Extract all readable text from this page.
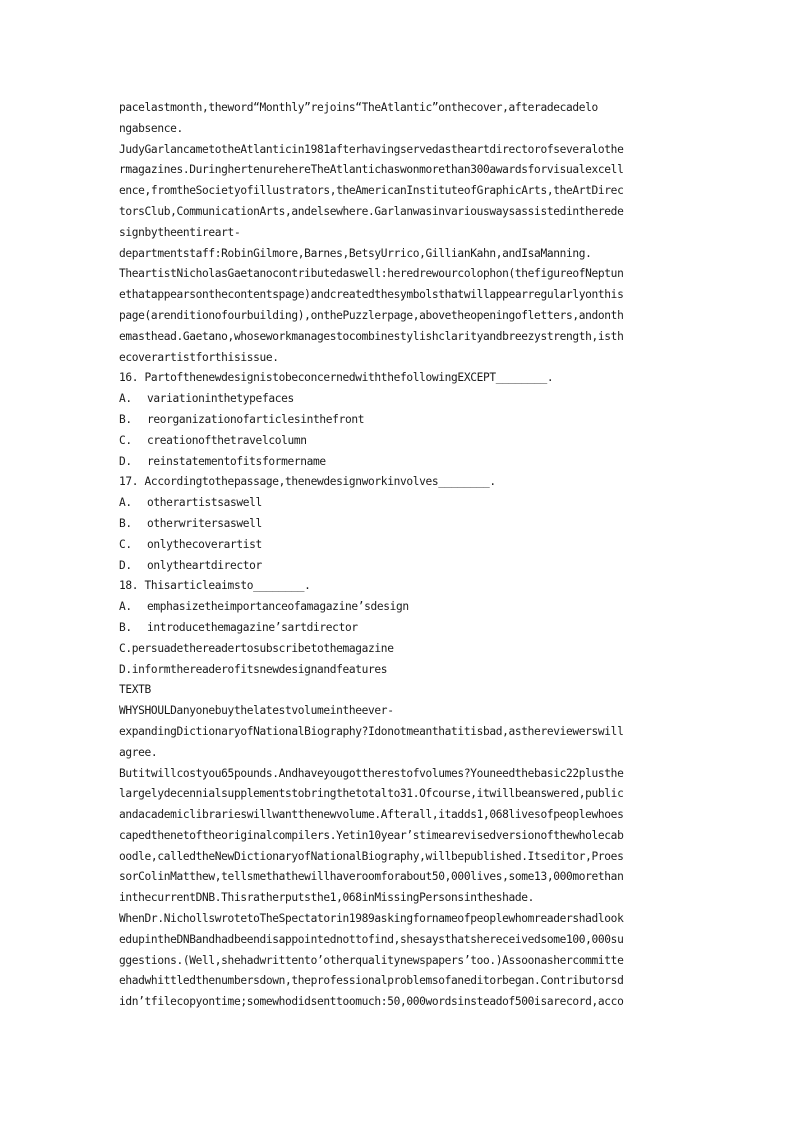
pacelastmonth,theword“Monthly”rejoins“TheAtlantic”onthecover,afteradecadelo
ngabsence.
JudyGarlancametotheAtlanticin1981afterhavingservedastheartdirectorofseveralothe
rmagazines.DuringhertenurehereTheAtlantichaswonmorethan300awardsforvisualexcell
ence,fromtheSocietyofillustrators,theAmericanInstituteofGraphicArts,theArtDirec
torsClub,CommunicationArts,andelsewhere.Garlanwasinvariouswaysassistedintherede
signbytheentireart-
departmentstaff:RobinGilmore,Barnes,BetsyUrrico,GillianKahn,andIsaManning.
TheartistNicholasGaetanocontributedaswell:heredrewourcolophon(thefigureofNeptun
ethatappearsonthecontentspage)andcreatedthesymbolsthatwillappearregularlyonthis
page(arenditionofourbuilding),onthePuzzlerpage,abovetheopeningofletters,andonth
emasthead.Gaetano,whoseworkmanagestocombinestylishclarityandbreezystrength,isth
ecoverartistforthisissue.
16. PartofthenewdesignistobeconcernedwiththefollowingEXCEPT________.
A. variationinthetypefaces
B. reorganizationofarticlesinthefront
C. creationofthetravelcolumn
D. reinstatementofitsformername
17. Accordingtothepassage,thenewdesignworkinvolves________.
A. otherartistsaswell
B. otherwritersaswell
C. onlythecoverartist
D. onlytheartdirector
18. Thisarticleaimsto________.
A. emphasizetheimportanceofamagazine’sdesign
B. introducethemagazine’sartdirector
C.persuadethereadertosubscribetothemagazine
D.informthereaderofitsnewdesignandfeatures
TEXTB
WHYSHOULDanyonebuythelatestvolumeintheever-
expandingDictionaryofNationalBiography?Idonotmeanthatitisbad,asthereviewerswill
agree.
Butitwillcostyou65pounds.Andhaveyougottherestofvolumes?Youneedthebasic22plusthe
largelydecennialsupplementstobringthetotalto31.Ofcourse,itwillbeanswered,public
andacademiclibrarieswillwantthenewvolume.Afterall,itadds1,068livesofpeoplewhoes
capedthenetoftheoriginalcompilers.Yetin10year’stimearevisedversionofthewholecab
oodle,calledtheNewDictionaryofNationalBiography,willbepublished.Itseditor,Proes
sorColinMatthew,tellsmethathewillhaveroomforabout50,000lives,some13,000morethan
inthecurrentDNB.Thisratherputsthe1,068inMissingPersonsintheshade.
WhenDr.NichollswrotetoTheSpectatorin1989askingfornameofpeoplewhomreadershadlook
edupintheDNBandhadbeendisappointednottofind,shesaysthatshereceivedsome100,000su
ggestions.(Well,shehadwrittento’otherqualitynewspapers’too.)Assoonashercommitte
ehadwhittledthenumbersdown,theprofessionalproblemsofaneditorbegan.Contributorsd
idn’tfilecopyontime;somewhodidsenttoomuch:50,000wordsinsteadof500isarecord,acco
